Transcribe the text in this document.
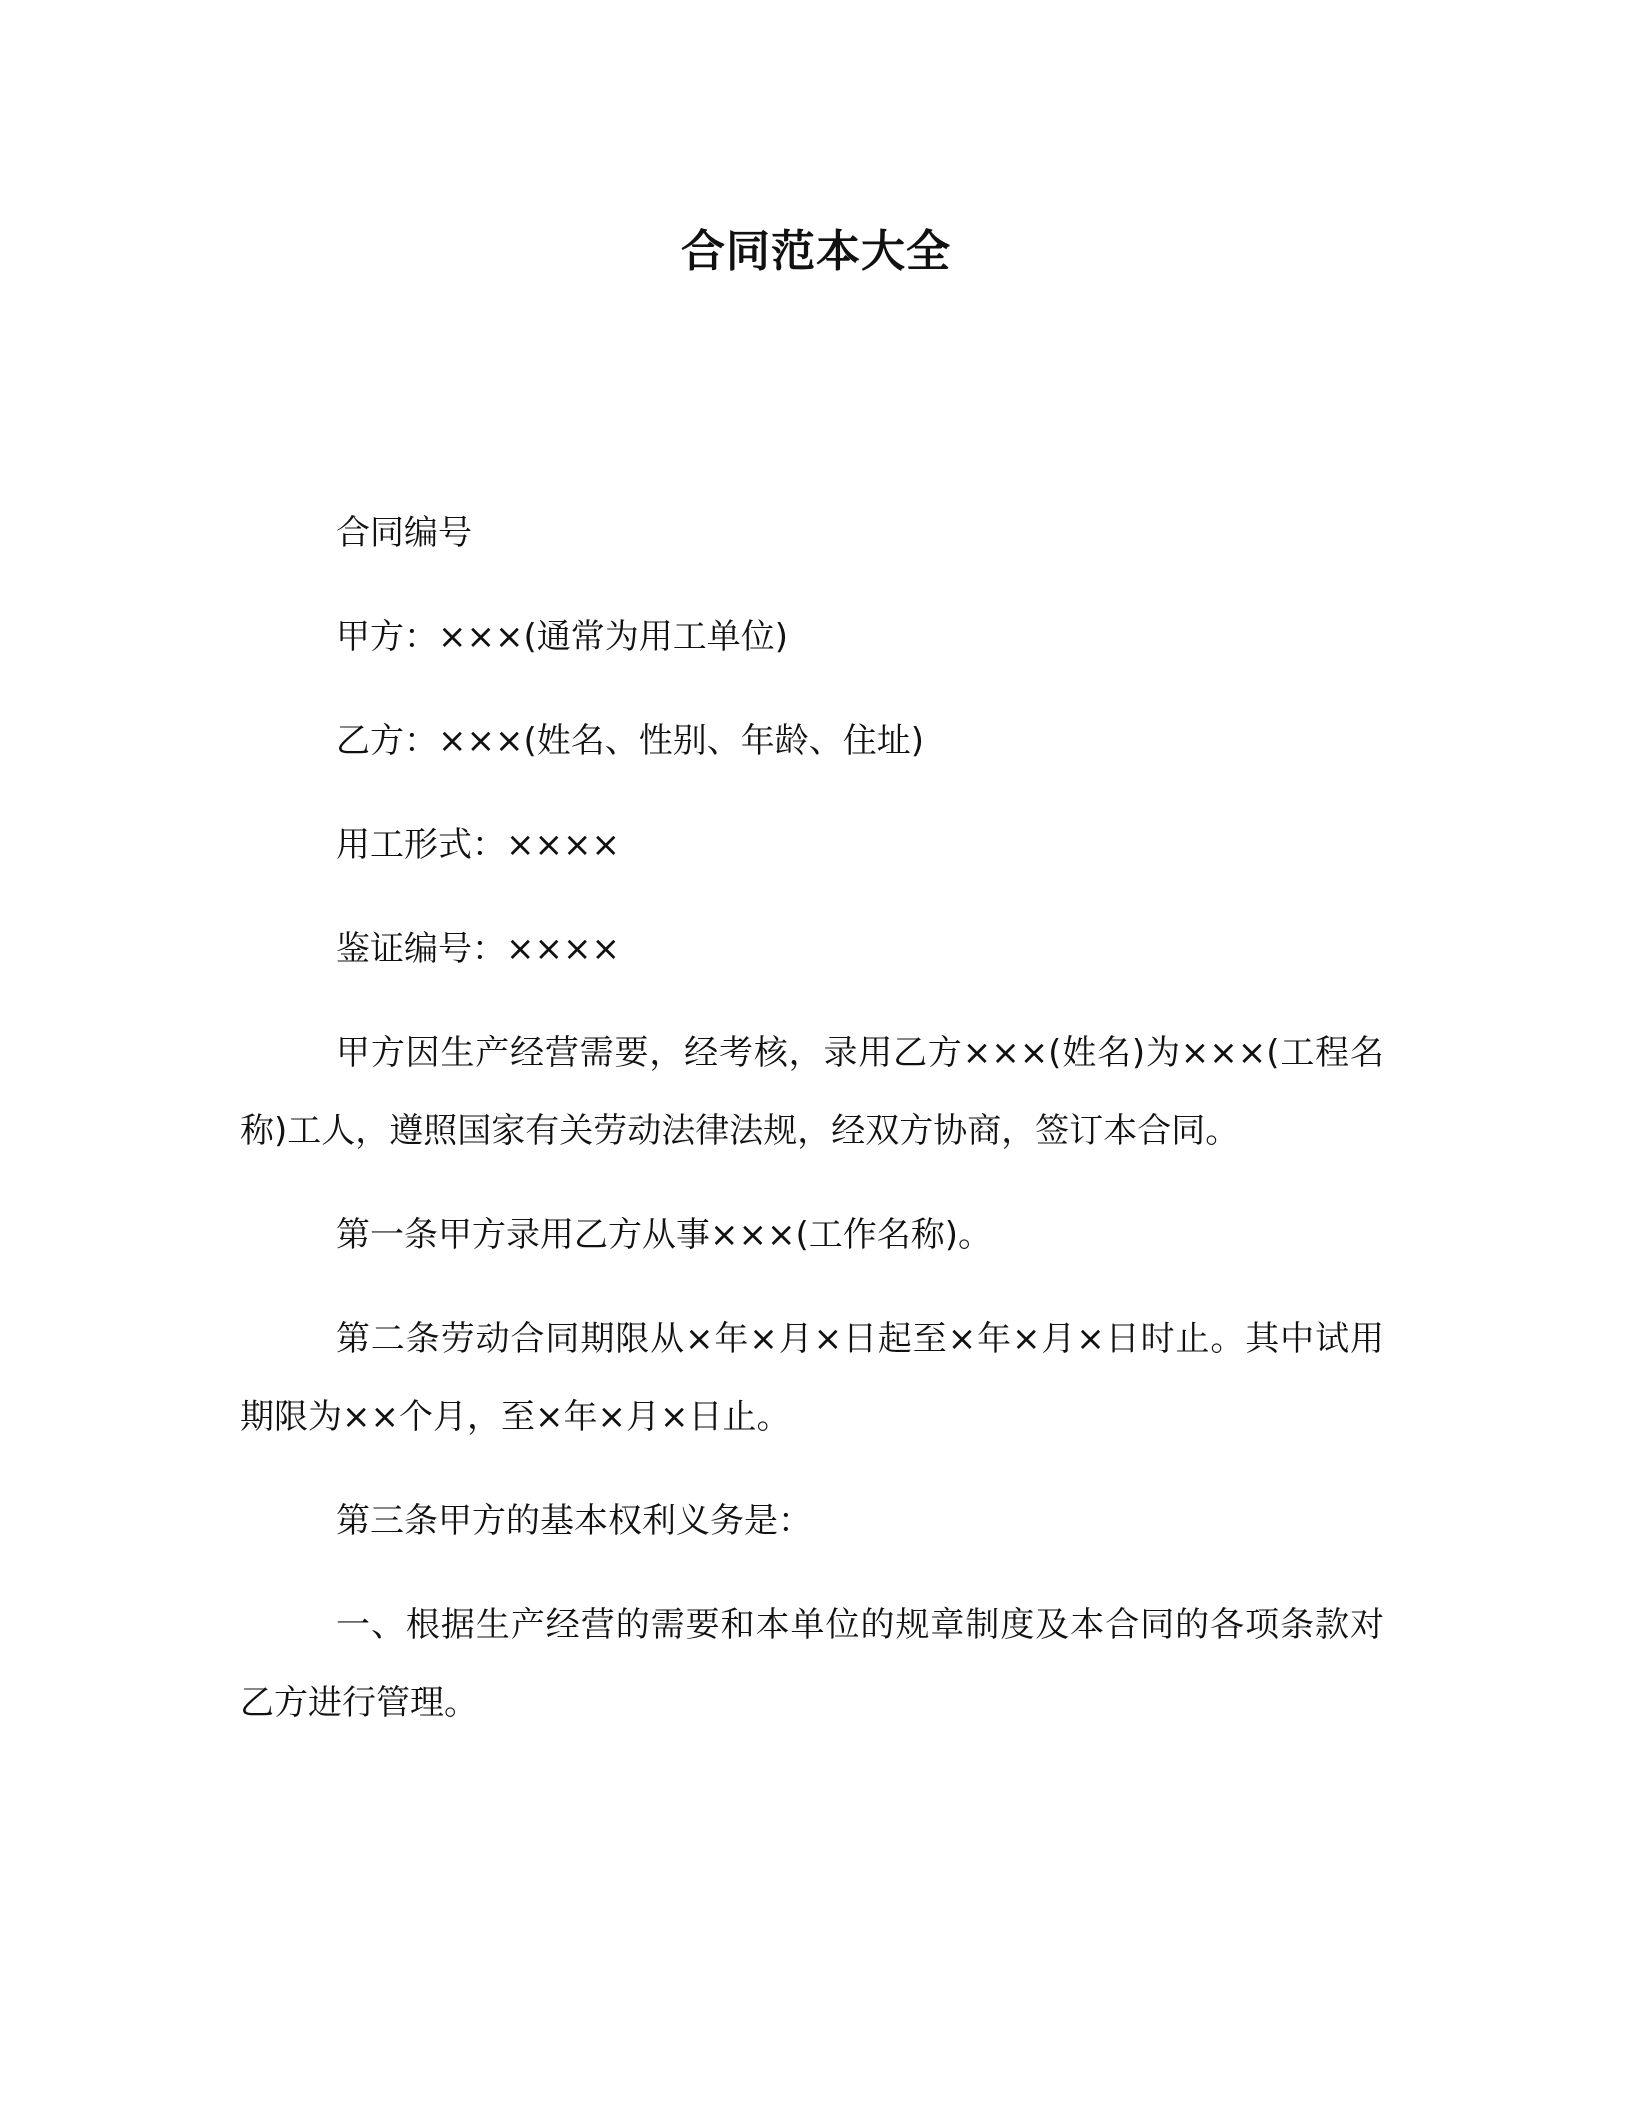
合同范本大全

合同编号

甲方：×××(通常为用工单位)

乙方：×××(姓名、性别、年龄、住址)

用工形式：××××

鉴证编号：××××

甲方因生产经营需要，经考核，录用乙方×××(姓名)为×××(工程名称)工人，遵照国家有关劳动法律法规，经双方协商，签订本合同。

第一条甲方录用乙方从事×××(工作名称)。

第二条劳动合同期限从×年×月×日起至×年×月×日时止。其中试用期限为××个月，至×年×月×日止。

第三条甲方的基本权利义务是：

一、根据生产经营的需要和本单位的规章制度及本合同的各项条款对乙方进行管理。
